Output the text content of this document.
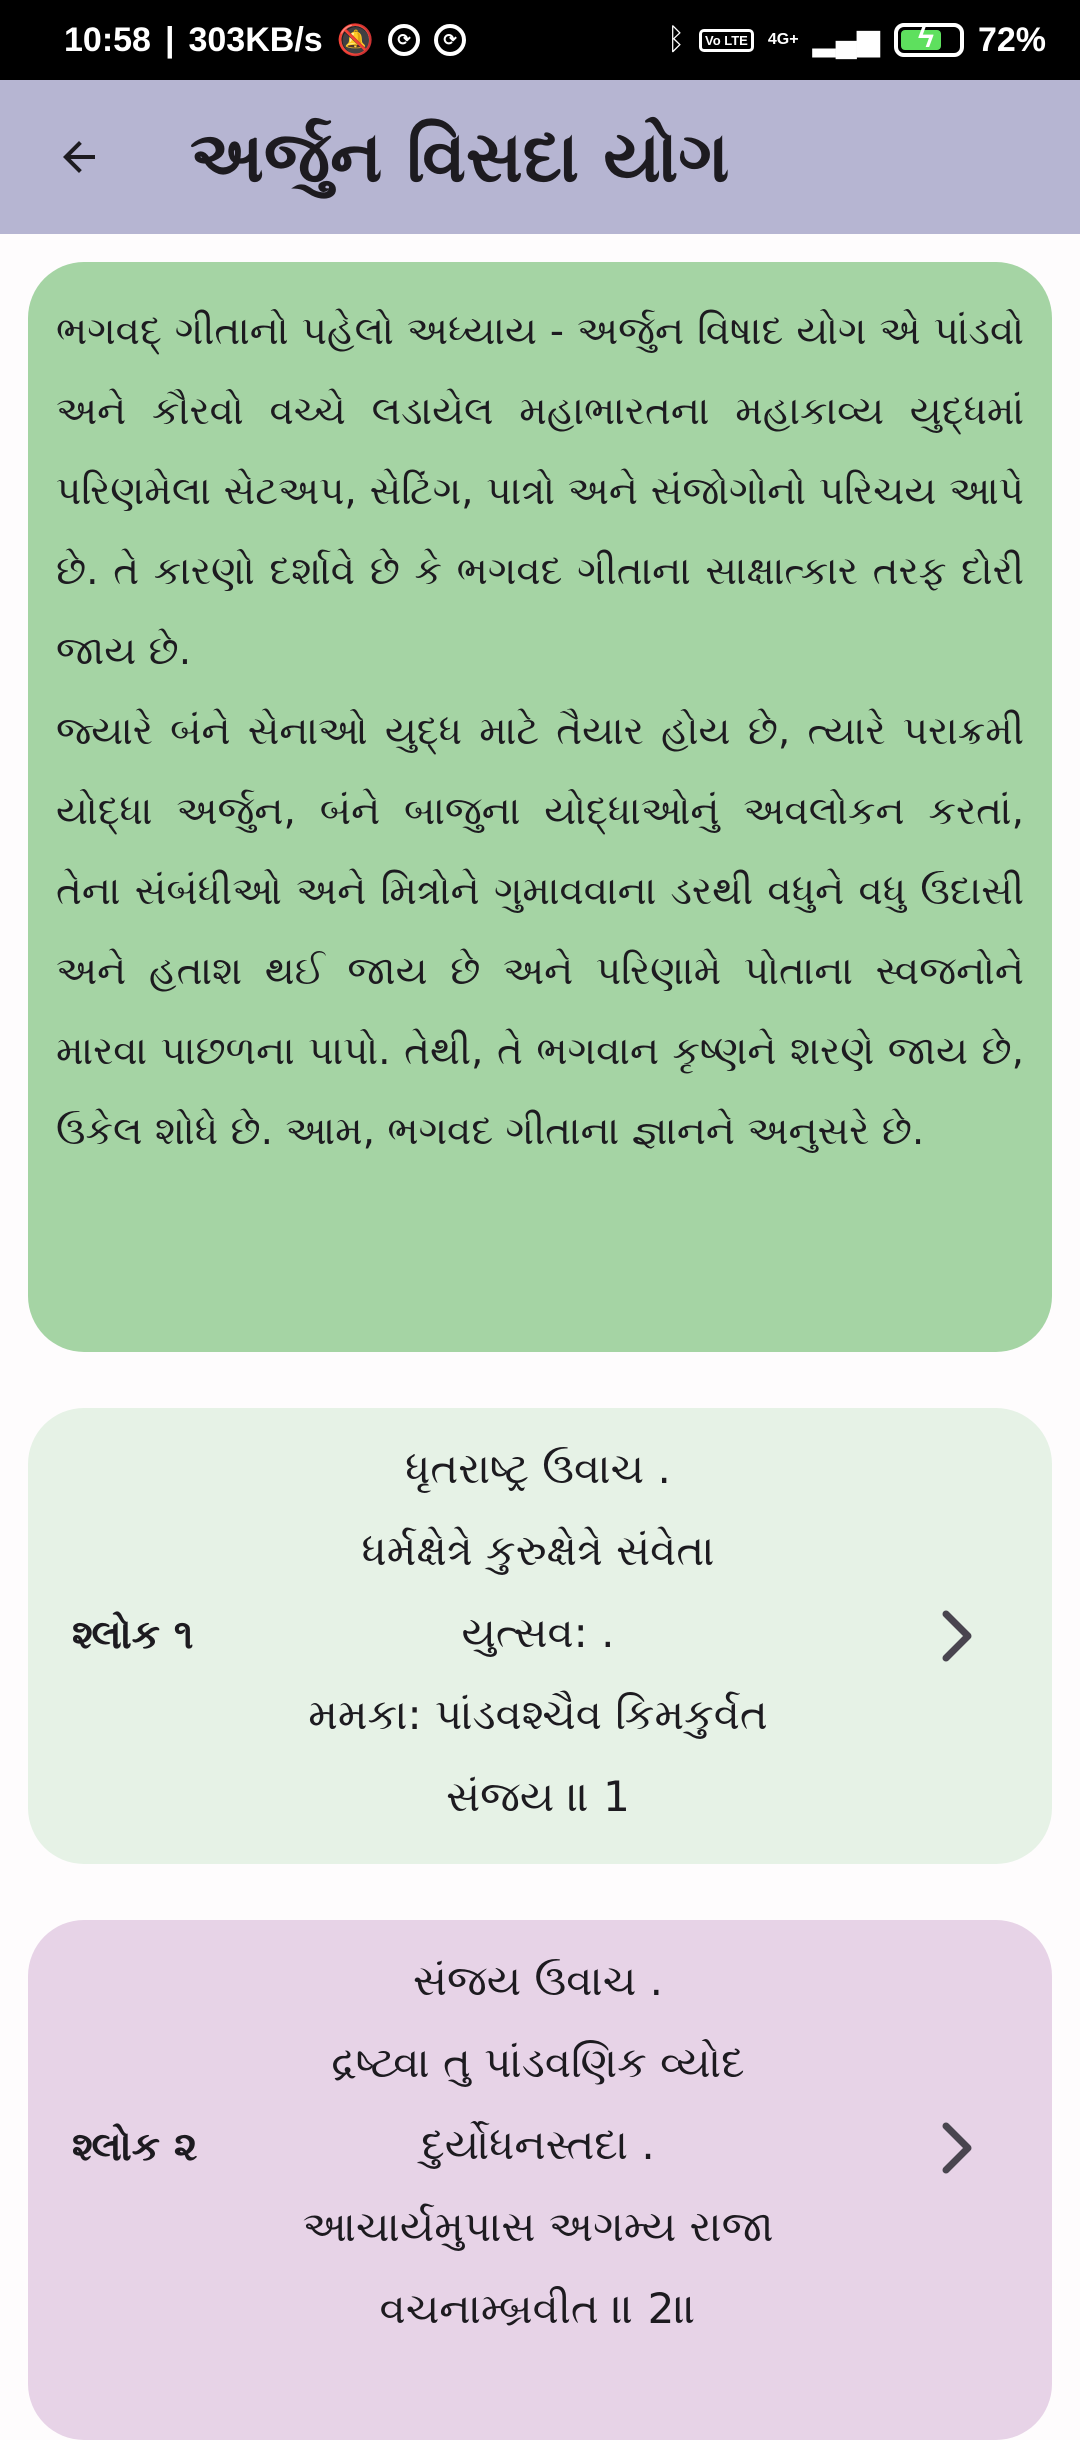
10:58 | 303KB/s 🔕	⟳	⟳	ᛒ	Vo LTE	4G+ ▂▄▆ ϟ 72%
અર્જુન વિસદા યોગ

ભગવદ્ ગીતાનો પહેલો અધ્યાય - અર્જુન વિષાદ યોગ એ પાંડવો અને કૌરવો વચ્ચે લડાયેલ મહાભારતના મહાકાવ્ય યુદ્ધમાં પરિણમેલા સેટઅપ, સેટિંગ, પાત્રો અને સંજોગોનો પરિચય આપે છે. તે કારણો દર્શાવે છે કે ભગવદ ગીતાના સાક્ષાત્કાર તરફ દોરી જાય છે.

જ્યારે બંને સેનાઓ યુદ્ધ માટે તૈયાર હોય છે, ત્યારે પરાક્રમી યોદ્ધા અર્જુન, બંને બાજુના યોદ્ધાઓનું અવલોકન કરતાં, તેના સંબંધીઓ અને મિત્રોને ગુમાવવાના ડરથી વધુને વધુ ઉદાસી અને હતાશ થઈ જાય છે અને પરિણામે પોતાના સ્વજનોને મારવા પાછળના પાપો. તેથી, તે ભગવાન કૃષ્ણને શરણે જાય છે, ઉકેલ શોધે છે. આમ, ભગવદ ગીતાના જ્ઞાનને અનુસરે છે.

શ્લોક ૧
ધૃતરાષ્ટ્ર ઉવાચ .
ધર્મક્ષેત્રે કુરુક્ષેત્રે સંવેતા
યુત્સવ: .
મમકા: પાંડવશ્ચૈવ કિમકુર્વત
સંજય ॥ 1
શ્લોક ૨
સંજય ઉવાચ .
દ્રષ્ટ્વા તુ પાંડવણિક વ્યોદ
દુર્યોધનસ્તદા .
આચાર્યમુપાસ અગમ્ય રાજા
વચનામ્બ્રવીત ॥ 2॥
